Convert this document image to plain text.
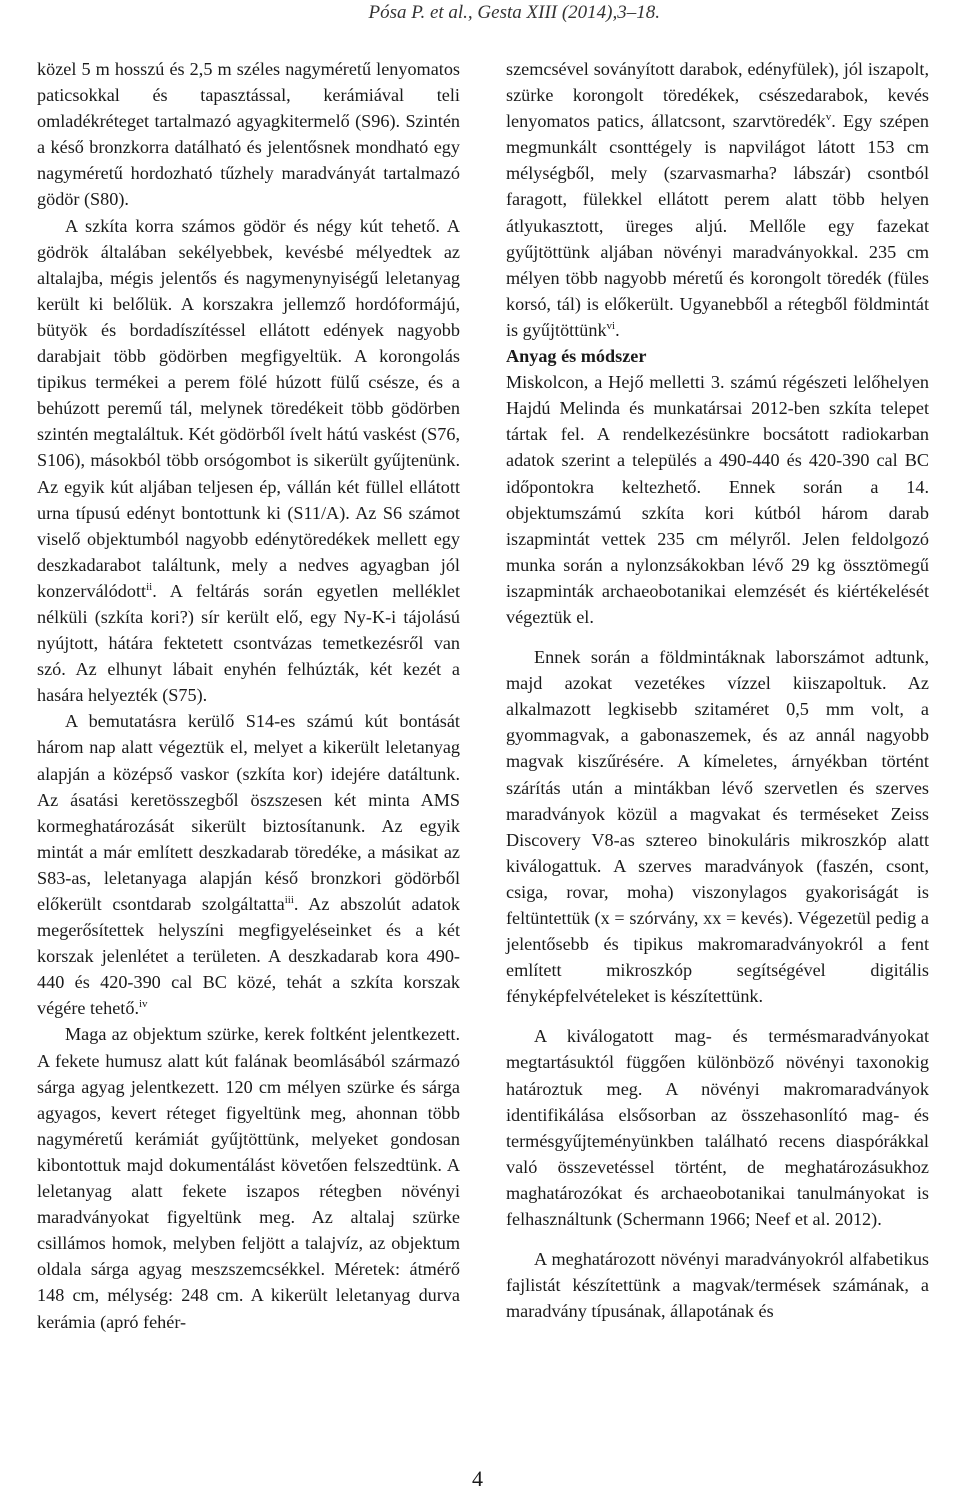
Pósa P. et al., Gesta XIII (2014),3–18.

közel 5 m hosszú és 2,5 m széles nagyméretű lenyomatos paticsokkal és tapasztással, kerámiával teli omladékréteget tartalmazó agyagkitermelő (S96). Szintén a késő bronzkorra datálható és jelentősnek mondható egy nagyméretű hordozható tűzhely maradványát tartalmazó gödör (S80).

A szkíta korra számos gödör és négy kút tehető. A gödrök általában sekélyebbek, kevésbé mélyedtek az altalajba, mégis jelentős és nagymenynyiségű leletanyag került ki belőlük. A korszakra jellemző hordóformájú, bütyök és bordadíszítéssel ellátott edények nagyobb darabjait több gödörben megfigyeltük. A korongolás tipikus termékei a perem fölé húzott fülű csésze, és a behúzott peremű tál, melynek töredékeit több gödörben szintén megtaláltuk. Két gödörből ívelt hátú vaskést (S76, S106), másokból több orsógombot is sikerült gyűjtenünk. Az egyik kút aljában teljesen ép, vállán két füllel ellátott urna típusú edényt bontottunk ki (S11/A). Az S6 számot viselő objektumból nagyobb edénytöredékek mellett egy deszkadarabot találtunk, mely a nedves agyagban jól konzerválódott$^{ii}$. A feltárás során egyetlen melléklet nélküli (szkíta kori?) sír került elő, egy Ny-K-i tájolású nyújtott, hátára fektetett csontvázas temetkezésről van szó. Az elhunyt lábait enyhén felhúzták, két kezét a hasára helyezték (S75).

A bemutatásra kerülő S14-es számú kút bontását három nap alatt végeztük el, melyet a kikerült leletanyag alapján a középső vaskor (szkíta kor) idejére datáltunk. Az ásatási keretösszegből öszszesen két minta AMS kormeghatározását sikerült biztosítanunk. Az egyik mintát a már említett deszkadarab töredéke, a másikat az S83-as, leletanyaga alapján késő bronzkori gödörből előkerült csontdarab szolgáltatta$^{iii}$. Az abszolút adatok megerősítettek helyszíni megfigyeléseinket és a két korszak jelenlétet a területen. A deszkadarab kora 490-440 és 420-390 cal BC közé, tehát a szkíta korszak végére tehető.$^{iv}$

Maga az objektum szürke, kerek foltként jelentkezett. A fekete humusz alatt kút falának beomlásából származó sárga agyag jelentkezett. 120 cm mélyen szürke és sárga agyagos, kevert réteget figyeltünk meg, ahonnan több nagyméretű kerámiát gyűjtöttünk, melyeket gondosan kibontottuk majd dokumentálást követően felszedtünk. A leletanyag alatt fekete iszapos rétegben növényi maradványokat figyeltünk meg. Az altalaj szürke csillámos homok, melyben feljött a talajvíz, az objektum oldala sárga agyag meszszemcsékkel. Méretek: átmérő 148 cm, mélység: 248 cm. A kikerült leletanyag durva kerámia (apró fehér-

szemcsével soványított darabok, edényfülek), jól iszapolt, szürke korongolt töredékek, csészedarabok, kevés lenyomatos patics, állatcsont, szarvtöredék$^v$. Egy szépen megmunkált csonttégely is napvilágot látott 153 cm mélységből, mely (szarvasmarha? lábszár) csontból faragott, fülekkel ellátott perem alatt több helyen átlyukasztott, üreges aljú. Mellőle egy fazekat gyűjtöttünk aljában növényi maradványokkal. 235 cm mélyen több nagyobb méretű és korongolt töredék (füles korsó, tál) is előkerült. Ugyanebből a rétegből földmintát is gyűjtöttünk$^{vi}$.

Anyag és módszer

Miskolcon, a Hejő melletti 3. számú régészeti lelőhelyen Hajdú Melinda és munkatársai 2012-ben szkíta telepet tártak fel. A rendelkezésünkre bocsátott radiokarban adatok szerint a település a 490-440 és 420-390 cal BC időpontokra keltezhető. Ennek során a 14. objektumszámú szkíta kori kútból három darab iszapmintát vettek 235 cm mélyről. Jelen feldolgozó munka során a nylonzsákokban lévő 29 kg össztömegű iszapminták archaeobotanikai elemzését és kiértékelését végeztük el.

Ennek során a földmintáknak laborszámot adtunk, majd azokat vezetékes vízzel kiiszapoltuk. Az alkalmazott legkisebb szitaméret 0,5 mm volt, a gyommagvak, a gabonaszemek, és az annál nagyobb magvak kiszűrésére. A kímeletes, árnyékban történt szárítás után a mintákban lévő szervetlen és szerves maradványok közül a magvakat és terméseket Zeiss Discovery V8-as sztereo binokuláris mikroszkóp alatt kiválogattuk. A szerves maradványok (faszén, csont, csiga, rovar, moha) viszonylagos gyakoriságát is feltüntettük (x = szórvány, xx = kevés). Végezetül pedig a jelentősebb és tipikus makromaradványokról a fent említett mikroszkóp segítségével digitális fényképfelvételeket is készítettünk.

A kiválogatott mag- és termésmaradványokat megtartásuktól függően különböző növényi taxonokig határoztuk meg. A növényi makromaradványok identifikálása elsősorban az összehasonlító mag- és termésgyűjteményünkben található recens diaspórákkal való összevetéssel történt, de meghatározásukhoz maghatározókat és archaeobotanikai tanulmányokat is felhasználtunk (Schermann 1966; Neef et al. 2012).

A meghatározott növényi maradványokról alfabetikus fajlistát készítettünk a magvak/termések számának, a maradvány típusának, állapotának és

4
